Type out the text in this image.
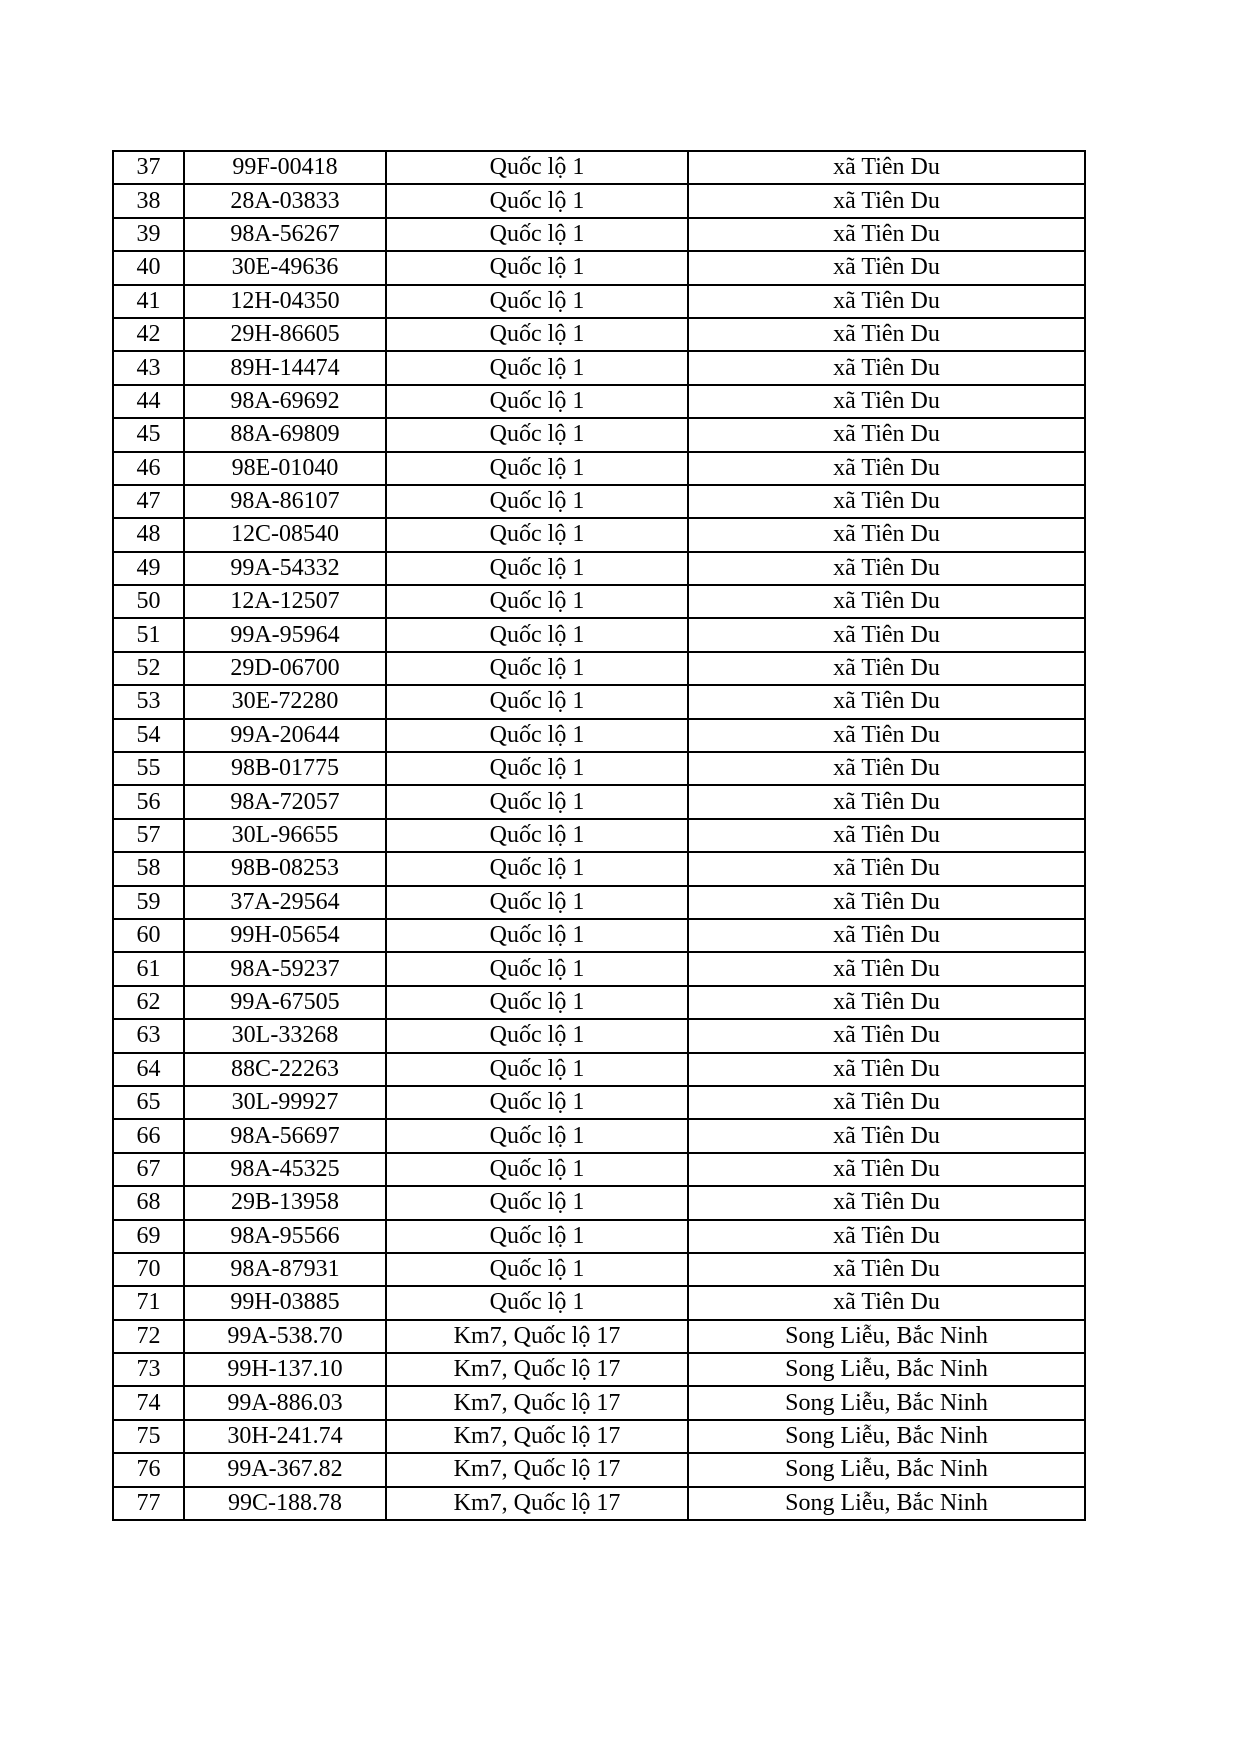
37	99F-00418	Quốc lộ 1	xã Tiên Du
38	28A-03833	Quốc lộ 1	xã Tiên Du
39	98A-56267	Quốc lộ 1	xã Tiên Du
40	30E-49636	Quốc lộ 1	xã Tiên Du
41	12H-04350	Quốc lộ 1	xã Tiên Du
42	29H-86605	Quốc lộ 1	xã Tiên Du
43	89H-14474	Quốc lộ 1	xã Tiên Du
44	98A-69692	Quốc lộ 1	xã Tiên Du
45	88A-69809	Quốc lộ 1	xã Tiên Du
46	98E-01040	Quốc lộ 1	xã Tiên Du
47	98A-86107	Quốc lộ 1	xã Tiên Du
48	12C-08540	Quốc lộ 1	xã Tiên Du
49	99A-54332	Quốc lộ 1	xã Tiên Du
50	12A-12507	Quốc lộ 1	xã Tiên Du
51	99A-95964	Quốc lộ 1	xã Tiên Du
52	29D-06700	Quốc lộ 1	xã Tiên Du
53	30E-72280	Quốc lộ 1	xã Tiên Du
54	99A-20644	Quốc lộ 1	xã Tiên Du
55	98B-01775	Quốc lộ 1	xã Tiên Du
56	98A-72057	Quốc lộ 1	xã Tiên Du
57	30L-96655	Quốc lộ 1	xã Tiên Du
58	98B-08253	Quốc lộ 1	xã Tiên Du
59	37A-29564	Quốc lộ 1	xã Tiên Du
60	99H-05654	Quốc lộ 1	xã Tiên Du
61	98A-59237	Quốc lộ 1	xã Tiên Du
62	99A-67505	Quốc lộ 1	xã Tiên Du
63	30L-33268	Quốc lộ 1	xã Tiên Du
64	88C-22263	Quốc lộ 1	xã Tiên Du
65	30L-99927	Quốc lộ 1	xã Tiên Du
66	98A-56697	Quốc lộ 1	xã Tiên Du
67	98A-45325	Quốc lộ 1	xã Tiên Du
68	29B-13958	Quốc lộ 1	xã Tiên Du
69	98A-95566	Quốc lộ 1	xã Tiên Du
70	98A-87931	Quốc lộ 1	xã Tiên Du
71	99H-03885	Quốc lộ 1	xã Tiên Du
72	99A-538.70	Km7, Quốc lộ 17	Song Liễu, Bắc Ninh
73	99H-137.10	Km7, Quốc lộ 17	Song Liễu, Bắc Ninh
74	99A-886.03	Km7, Quốc lộ 17	Song Liễu, Bắc Ninh
75	30H-241.74	Km7, Quốc lộ 17	Song Liễu, Bắc Ninh
76	99A-367.82	Km7, Quốc lộ 17	Song Liễu, Bắc Ninh
77	99C-188.78	Km7, Quốc lộ 17	Song Liễu, Bắc Ninh
